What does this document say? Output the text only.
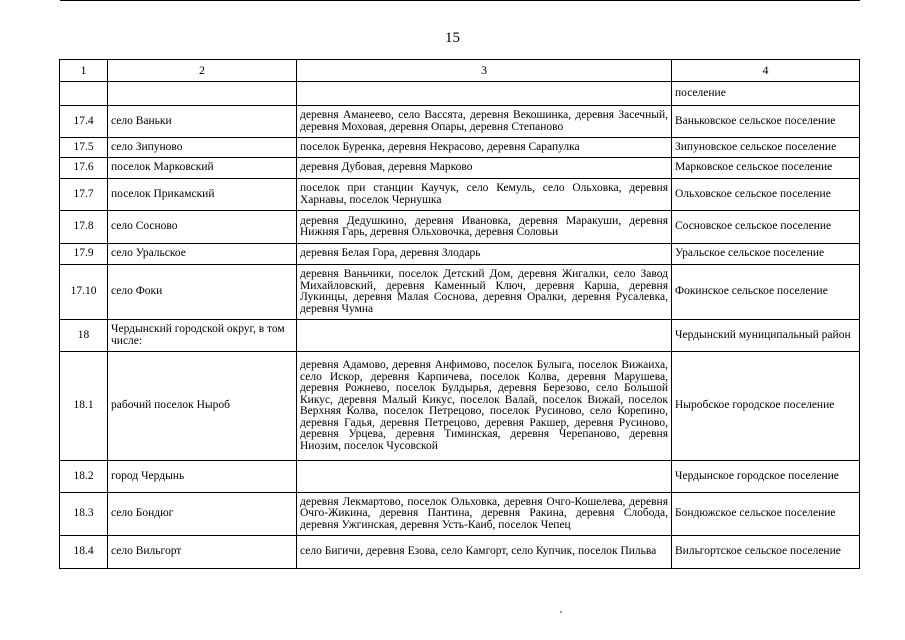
15
1	2	3	4
			поселение
17.4	село Ваньки	деревня Аманеево, село Вассята, деревня Векошинка, деревня Засечный, деревня Моховая, деревня Опары, деревня Степаново	Ваньковское сельское поселение
17.5	село Зипуново	поселок Буренка, деревня Некрасово, деревня Сарапулка	Зипуновское сельское поселение
17.6	поселок Марковский	деревня Дубовая, деревня Марково	Марковское сельское поселение
17.7	поселок Прикамский	поселок при станции Каучук, село Кемуль, село Ольховка, деревня Харнавы, поселок Чернушка	Ольховское сельское поселение
17.8	село Сосново	деревня Дедушкино, деревня Ивановка, деревня Маракуши, деревня Нижняя Гарь, деревня Ольховочка, деревня Соловьи	Сосновское сельское поселение
17.9	село Уральское	деревня Белая Гора, деревня Злодарь	Уральское сельское поселение
17.10	село Фоки	деревня Ваньчики, поселок Детский Дом, деревня Жигалки, село Завод Михайловский, деревня Каменный Ключ, деревня Карша, деревня Лукинцы, деревня Малая Соснова, деревня Оралки, деревня Русалевка, деревня Чумна	Фокинское сельское поселение
18	Чердынский городской округ, в том числе:		Чердынский муниципальный район
18.1	рабочий поселок Ныроб	деревня Адамово, деревня Анфимово, поселок Булыга, поселок Вижаиха, село Искор, деревня Карпичева, поселок Колва, деревня Марушева, деревня Рожнево, поселок Булдырья, деревня Березово, село Большой Кикус, деревня Малый Кикус, поселок Валай, поселок Вижай, поселок Верхняя Колва, поселок Петрецово, поселок Русиново, село Корепино, деревня Гадья, деревня Петрецово, деревня Ракшер, деревня Русиново, деревня Урцева, деревня Тиминская, деревня Черепаново, деревня Ниозим, поселок Чусовской	Ныробское городское поселение
18.2	город Чердынь		Чердынское городское поселение
18.3	село Бондюг	деревня Лекмартово, поселок Ольховка, деревня Очго-Кошелева, деревня Очго-Жикина, деревня Пантина, деревня Ракина, деревня Слобода, деревня Ужгинская, деревня Усть-Каиб, поселок Чепец	Бондюжское сельское поселение
18.4	село Вильгорт	село Бигичи, деревня Езова, село Камгорт, село Купчик, поселок Пильва	Вильгортское сельское поселение
